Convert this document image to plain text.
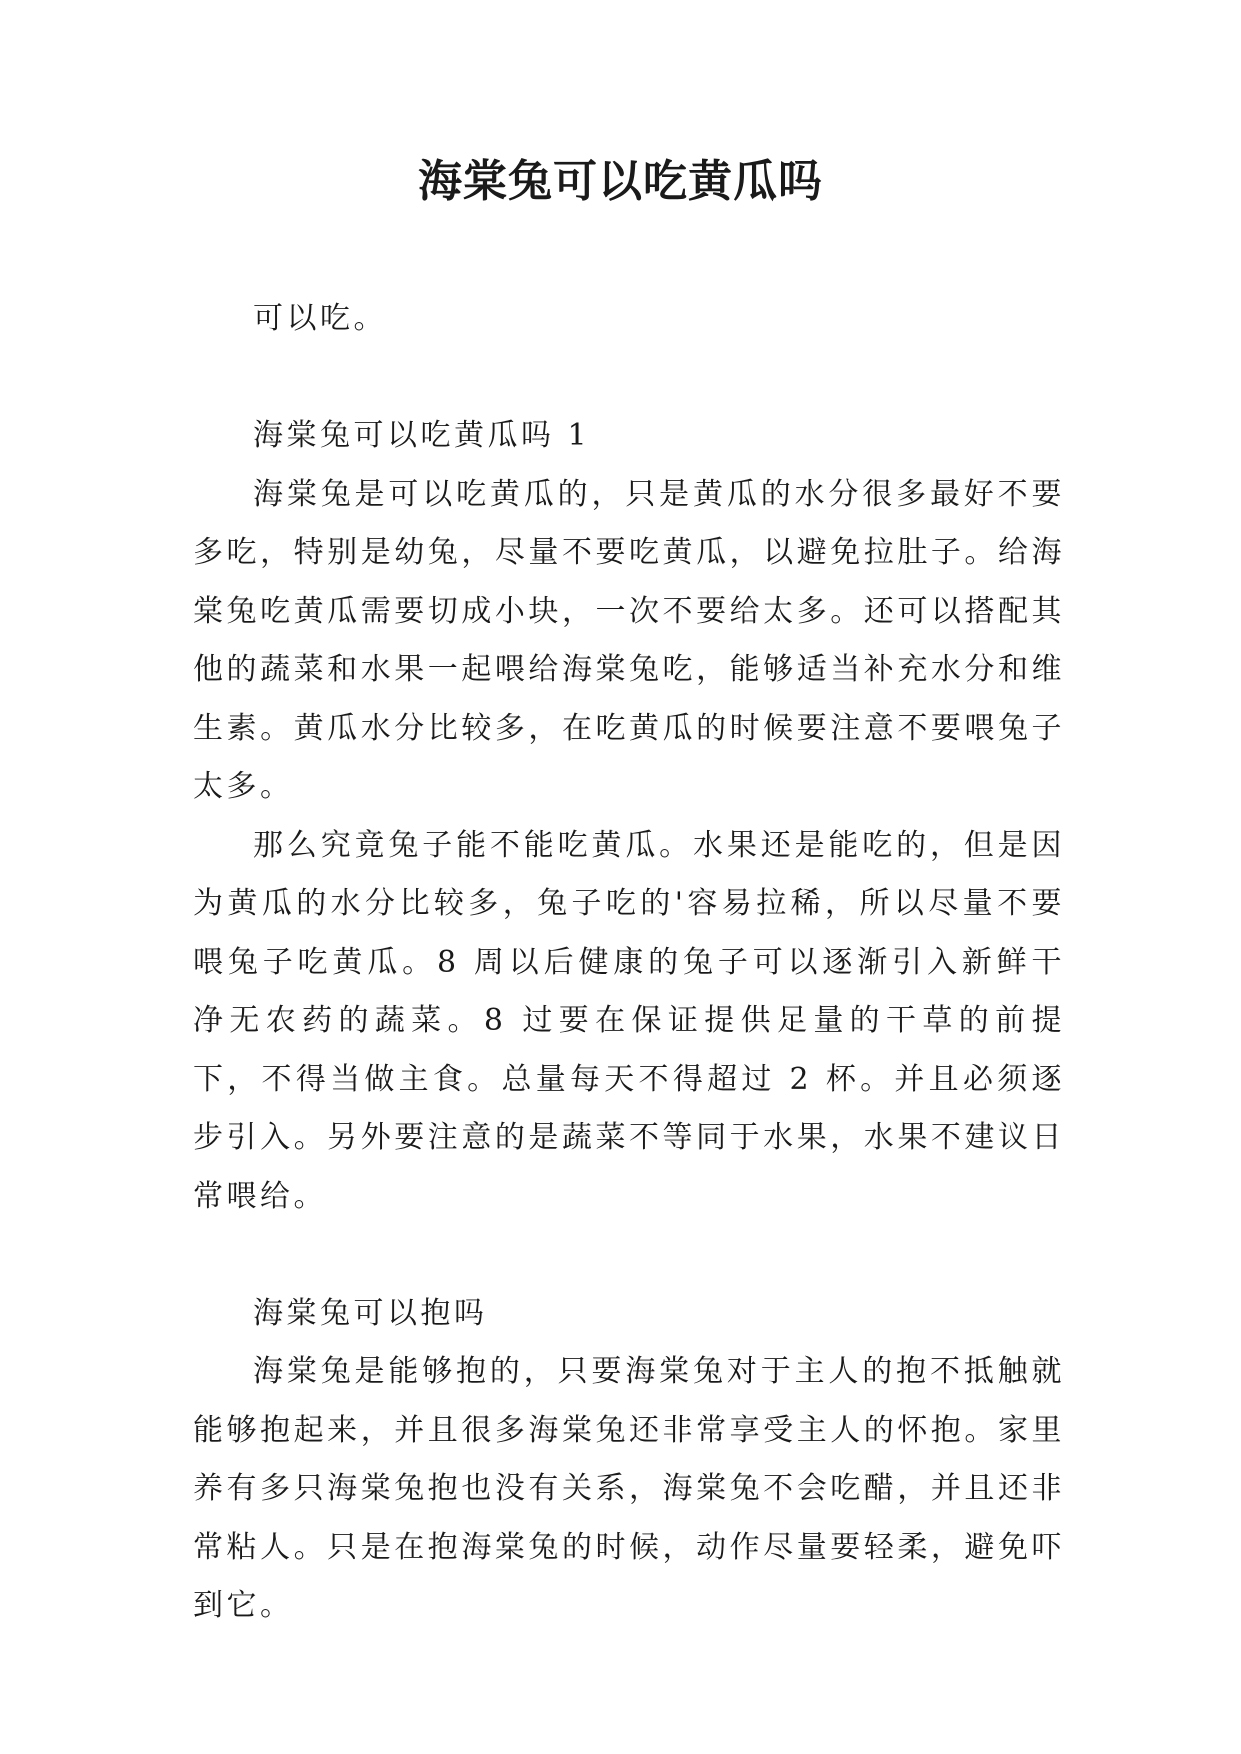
海棠兔可以吃黄瓜吗

可以吃。

海棠兔可以吃黄瓜吗 1

海棠兔是可以吃黄瓜的，只是黄瓜的水分很多最好不要多吃，特别是幼兔，尽量不要吃黄瓜，以避免拉肚子。给海棠兔吃黄瓜需要切成小块，一次不要给太多。还可以搭配其他的蔬菜和水果一起喂给海棠兔吃，能够适当补充水分和维生素。黄瓜水分比较多，在吃黄瓜的时候要注意不要喂兔子太多。

那么究竟兔子能不能吃黄瓜。水果还是能吃的，但是因为黄瓜的水分比较多，兔子吃的'容易拉稀，所以尽量不要喂兔子吃黄瓜。8 周以后健康的兔子可以逐渐引入新鲜干净无农药的蔬菜。8 过要在保证提供足量的干草的前提下，不得当做主食。总量每天不得超过 2 杯。并且必须逐步引入。另外要注意的是蔬菜不等同于水果，水果不建议日常喂给。

海棠兔可以抱吗

海棠兔是能够抱的，只要海棠兔对于主人的抱不抵触就能够抱起来，并且很多海棠兔还非常享受主人的怀抱。家里养有多只海棠兔抱也没有关系，海棠兔不会吃醋，并且还非常粘人。只是在抱海棠兔的时候，动作尽量要轻柔，避免吓到它。
